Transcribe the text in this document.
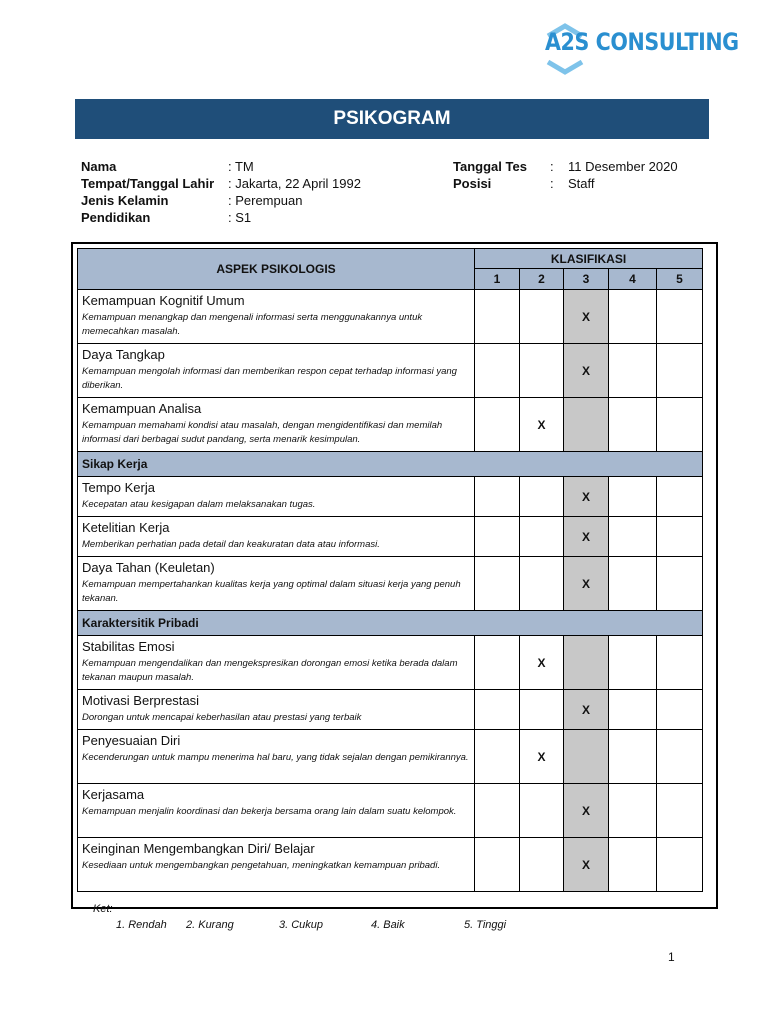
A2S CONSULTING
PSIKOGRAM
Nama	: TM
Tempat/Tanggal Lahir	: Jakarta, 22 April 1992
Jenis Kelamin	: Perempuan
Pendidikan	: S1
Tanggal Tes	:	11 Desember 2020
Posisi	:	Staff
ASPEK PSIKOLOGIS	KLASIFIKASI				
	1	2	3	4	5

Kemampuan Kognitif Umum
Kemampuan menangkap dan mengenali informasi serta menggunakannya untuk memecahkan masalah.			X		

Daya Tangkap
Kemampuan mengolah informasi dan memberikan respon cepat terhadap informasi yang diberikan.			X		

Kemampuan Analisa
Kemampuan memahami kondisi atau masalah, dengan mengidentifikasi dan memilah informasi dari berbagai sudut pandang, serta menarik kesimpulan.		X			
Sikap Kerja					

Tempo Kerja
Kecepatan atau kesigapan dalam melaksanakan tugas.			X		

Ketelitian Kerja
Memberikan perhatian pada detail dan keakuratan data atau informasi.			X		

Daya Tahan (Keuletan)
Kemampuan mempertahankan kualitas kerja yang optimal dalam situasi kerja yang penuh tekanan.			X		
Karaktersitik Pribadi					

Stabilitas Emosi
Kemampuan mengendalikan dan mengekspresikan dorongan emosi ketika berada dalam tekanan maupun masalah.		X			

Motivasi Berprestasi
Dorongan untuk mencapai keberhasilan atau prestasi yang terbaik			X		

Penyesuaian Diri
Kecenderungan untuk mampu menerima hal baru, yang tidak sejalan dengan pemikirannya.		X			

Kerjasama
Kemampuan menjalin koordinasi dan bekerja bersama orang lain dalam suatu kelompok.			X		

Keinginan Mengembangkan Diri/ Belajar
Kesediaan untuk mengembangkan pengetahuan, meningkatkan kemampuan pribadi.			X		
Ket:
1. Rendah 2. Kurang	3. Cukup	4. Baik	5. Tinggi
1
